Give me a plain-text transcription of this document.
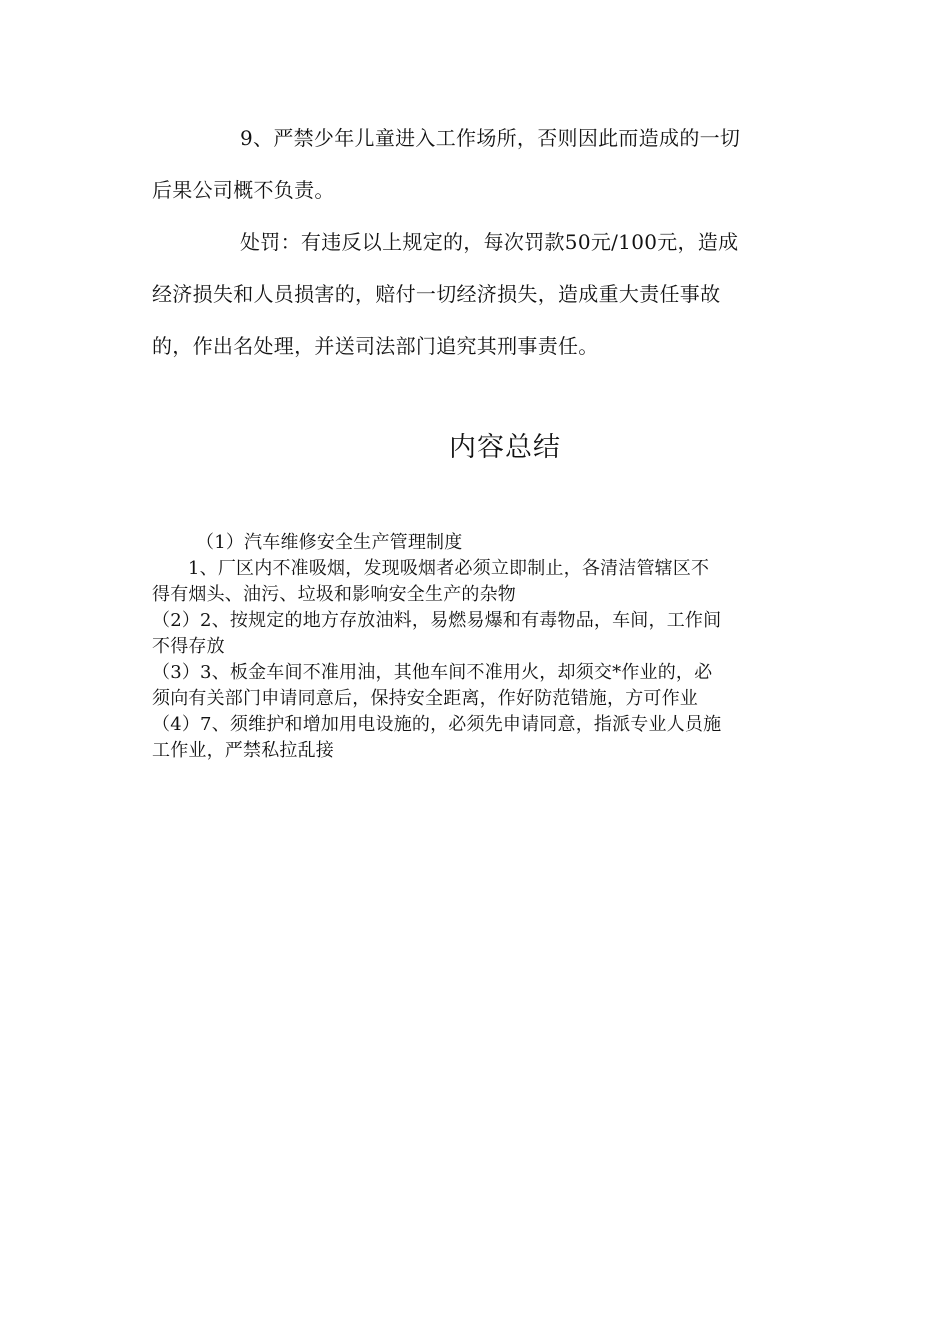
9、严禁少年儿童进入工作场所，否则因此而造成的一切
后果公司概不负责。
处罚：有违反以上规定的，每次罚款50元/100元，造成
经济损失和人员损害的，赔付一切经济损失，造成重大责任事故
的，作出名处理，并送司法部门追究其刑事责任。
内容总结
（1）汽车维修安全生产管理制度
1、厂区内不准吸烟，发现吸烟者必须立即制止，各清洁管辖区不
得有烟头、油污、垃圾和影响安全生产的杂物
（2）2、按规定的地方存放油料，易燃易爆和有毒物品，车间，工作间
不得存放
（3）3、板金车间不准用油，其他车间不准用火，却须交*作业的，必
须向有关部门申请同意后，保持安全距离，作好防范错施，方可作业
（4）7、须维护和增加用电设施的，必须先申请同意，指派专业人员施
工作业，严禁私拉乱接
